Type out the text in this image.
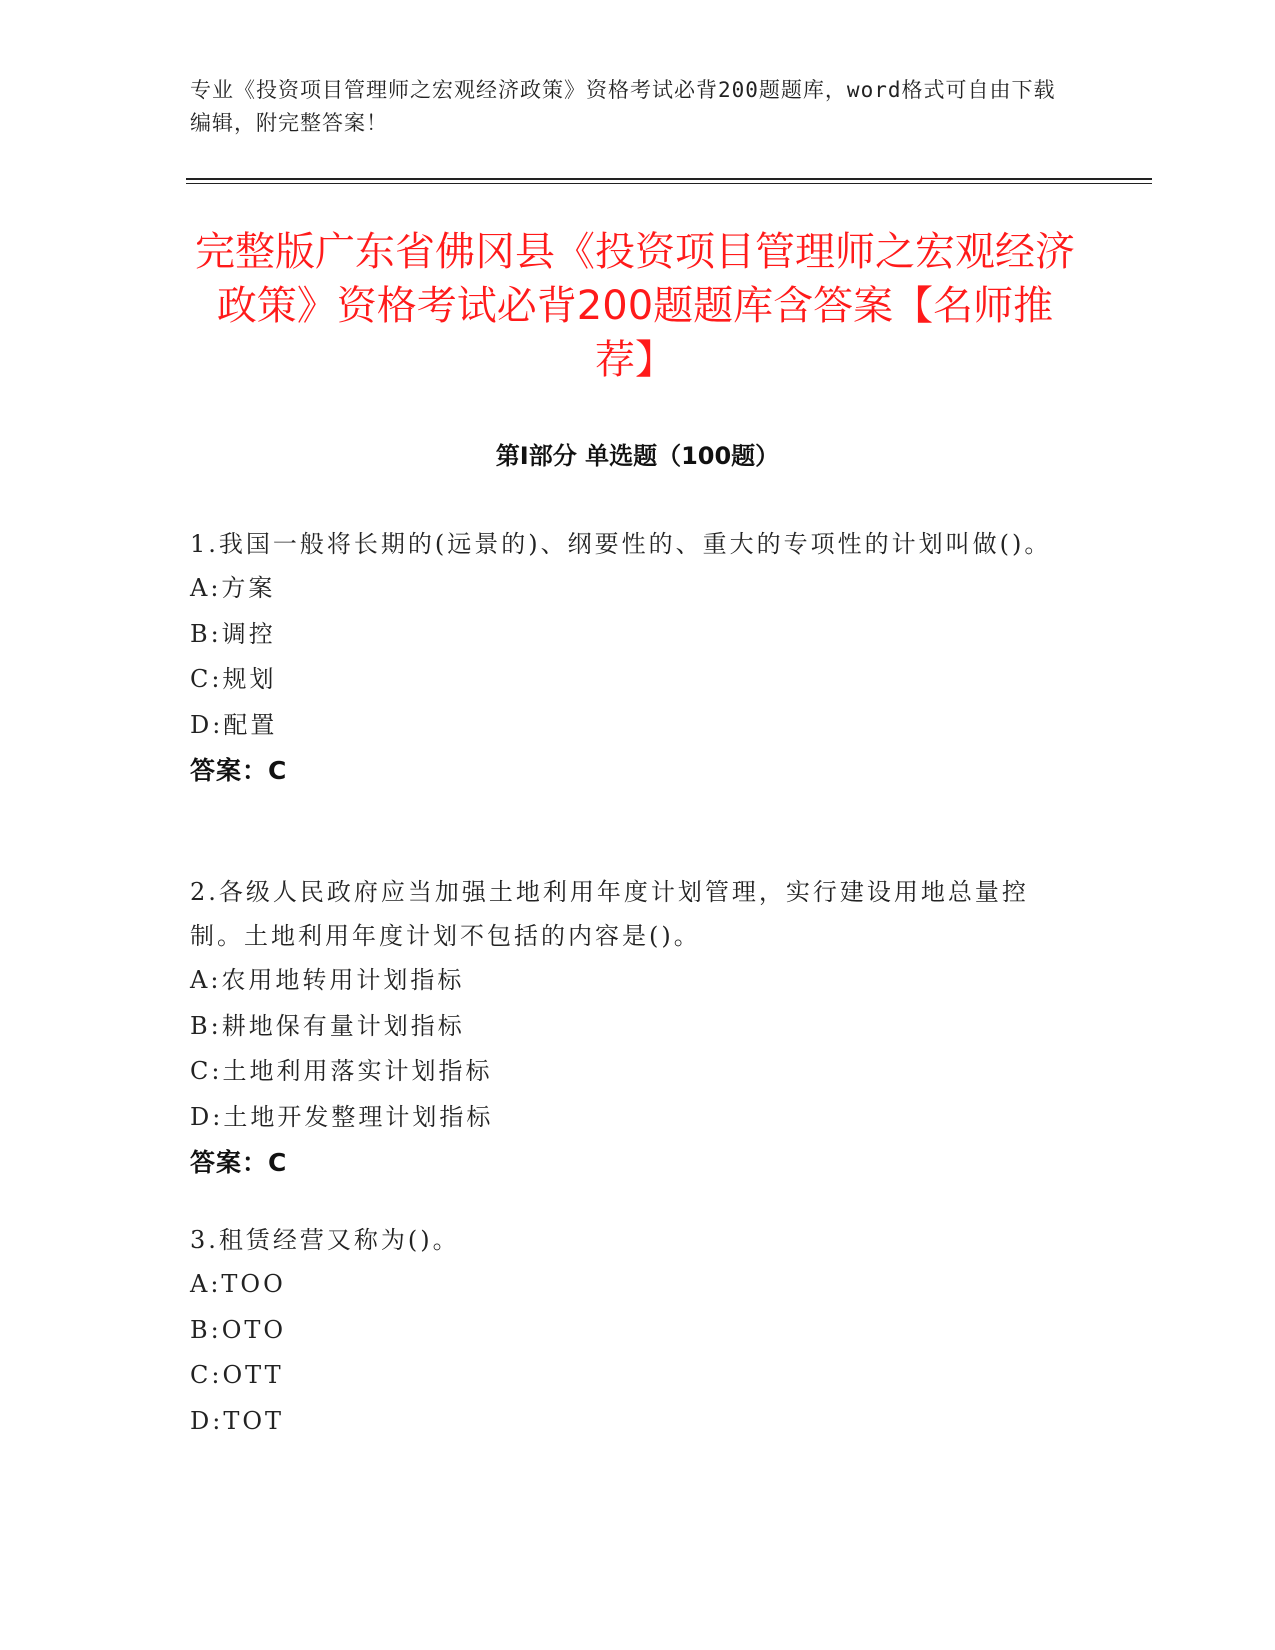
专业《投资项目管理师之宏观经济政策》资格考试必背200题题库，word格式可自由下载编辑，附完整答案！
完整版广东省佛冈县《投资项目管理师之宏观经济政策》资格考试必背200题题库含答案【名师推荐】
第Ⅰ部分 单选题（100题）
1.我国一般将长期的(远景的)、纲要性的、重大的专项性的计划叫做()。
A:方案
B:调控
C:规划
D:配置
答案：C
2.各级人民政府应当加强土地利用年度计划管理，实行建设用地总量控制。土地利用年度计划不包括的内容是()。
A:农用地转用计划指标
B:耕地保有量计划指标
C:土地利用落实计划指标
D:土地开发整理计划指标
答案：C
3.租赁经营又称为()。
A:TOO
B:OTO
C:OTT
D:TOT
